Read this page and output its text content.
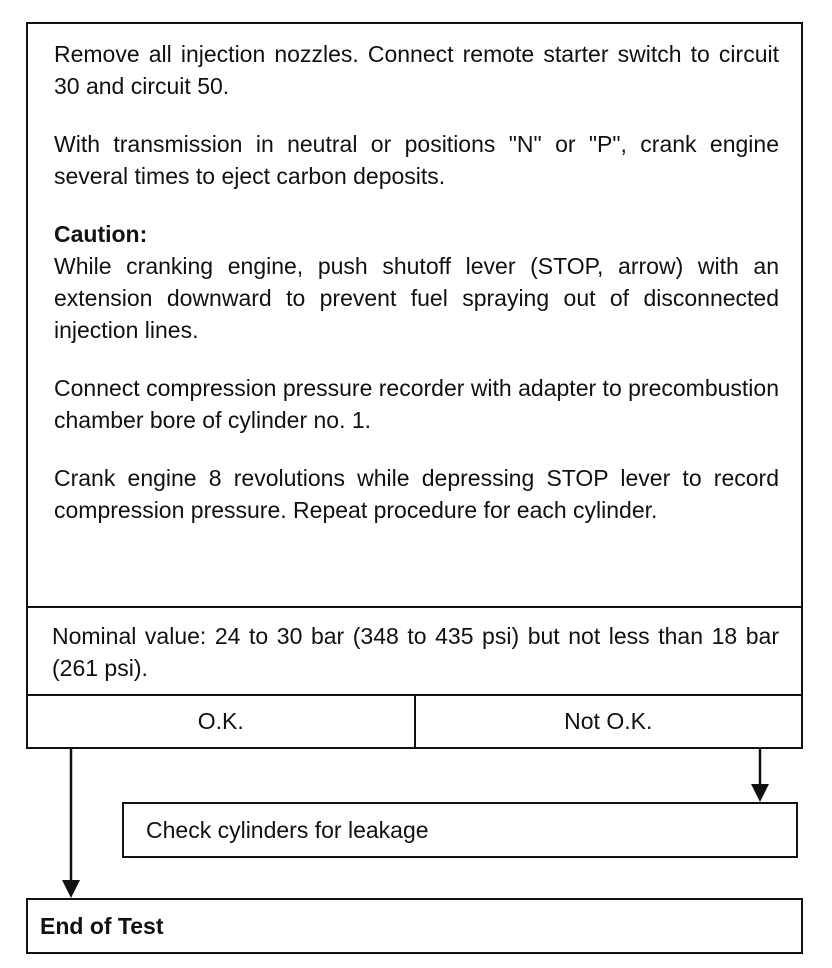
Remove all injection nozzles. Connect remote starter switch to circuit 30 and circuit 50.

With transmission in neutral or positions "N" or "P", crank engine several times to eject carbon deposits.

Caution:

While cranking engine, push shutoff lever (STOP, arrow) with an extension downward to prevent fuel spraying out of disconnected injection lines.

Connect compression pressure recorder with adapter to precombustion chamber bore of cylinder no. 1.

Crank engine 8 revolutions while depressing STOP lever to record compression pressure. Repeat procedure for each cylinder.

Nominal value: 24 to 30 bar (348 to 435 psi) but not less than 18 bar (261 psi).

O.K.	Not O.K.
Check cylinders for leakage
End of Test
